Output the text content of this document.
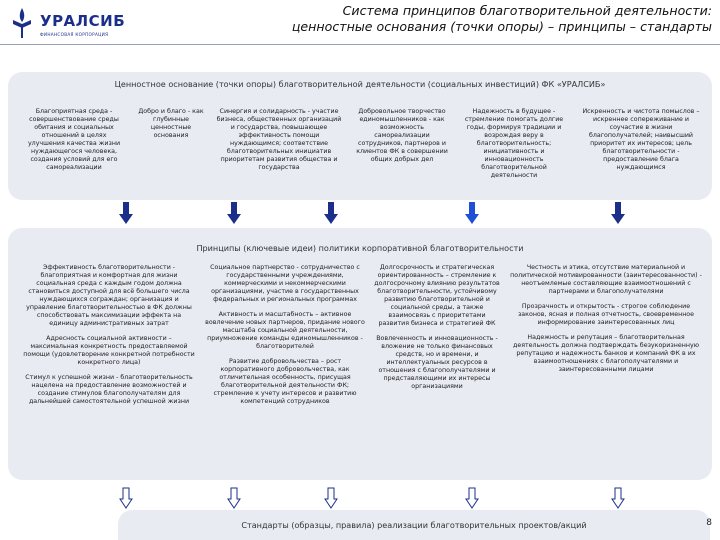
УРАЛСИБ
ФИНАНСОВАЯ КОРПОРАЦИЯ
Система принципов благотворительной деятельности:
ценностные основания (точки опоры) – принципы – стандарты
Ценностное основание (точки опоры) благотворительной деятельности (социальных инвестиций) ФК «УРАЛСИБ»
Благоприятная среда - совершенствование среды обитания и социальных отношений в целях улучшения качества жизни нуждающегося человека, создания условий для его самореализации
Добро и благо - как глубинные ценностные основания
Синергия и солидарность - участие бизнеса, общественных организаций и государства, повышающее эффективность помощи нуждающимся; соответствие благотворительных инициатив приоритетам развития общества и государства
Добровольное творчество единомышленников - как возможность самореализации сотрудников, партнеров и клиентов ФК в совершении общих добрых дел
Надежность в будущее - стремление помогать долгие годы, формируя традиции и возрождая веру в благотворительность; инициативность и инновационность благотворительной деятельности
Искренность и чистота помыслов – искреннее сопереживание и соучастие в жизни благополучателей; наивысший приоритет их интересов; цель благотворительности - предоставление блага нуждающимся
Принципы (ключевые идеи) политики корпоративной благотворительности

Эффективность благотворительности - благоприятная и комфортная для жизни социальная среда с каждым годом должна становиться доступной для всё большего числа нуждающихся сограждан; организация и управление благотворительностью в ФК должны способствовать максимизации эффекта на единицу административных затрат

Адресность социальной активности – максимальная конкретность предоставляемой помощи (удовлетворение конкретной потребности конкретного лица)

Стимул к успешной жизни - благотворительность нацелена на предоставление возможностей и создание стимулов благополучателям для дальнейшей самостоятельной успешной жизни

Социальное партнерство - сотрудничество с государственными учреждениями, коммерческими и некоммерческими организациями, участие в государственных федеральных и региональных программах

Активность и масштабность – активное вовлечение новых партнеров, придание нового масштаба социальной деятельности, приумножение команды единомышленников - благотворителей

Развитие добровольчества – рост корпоративного добровольчества, как отличительная особенность, присущая благотворительной деятельности ФК; стремление к учету интересов и развитию компетенций сотрудников

Долгосрочность и стратегическая ориентированность – стремление к долгосрочному влиянию результатов благотворительности, устойчивому развитию благотворительной и социальной среды, а также взаимосвязь с приоритетами развития бизнеса и стратегией ФК

Вовлеченность и инновационность - вложение не только финансовых средств, но и времени, и интеллектуальных ресурсов в отношения с благополучателями и представляющими их интересы организациями

Честность и этика, отсутствие материальной и политической мотивированности (заинтересованности) - неотъемлемые составляющие взаимоотношений с партнерами и благополучателями

Прозрачность и открытость - строгое соблюдение законов, ясная и полная отчетность, своевременное информирование заинтересованных лиц

Надежность и репутация – благотворительная деятельность должна подтверждать безукоризненную репутацию и надежность банков и компаний ФК в их взаимоотношениях с благополучателями и заинтересованными лицами

Стандарты (образцы, правила) реализации благотворительных проектов/акций	8
